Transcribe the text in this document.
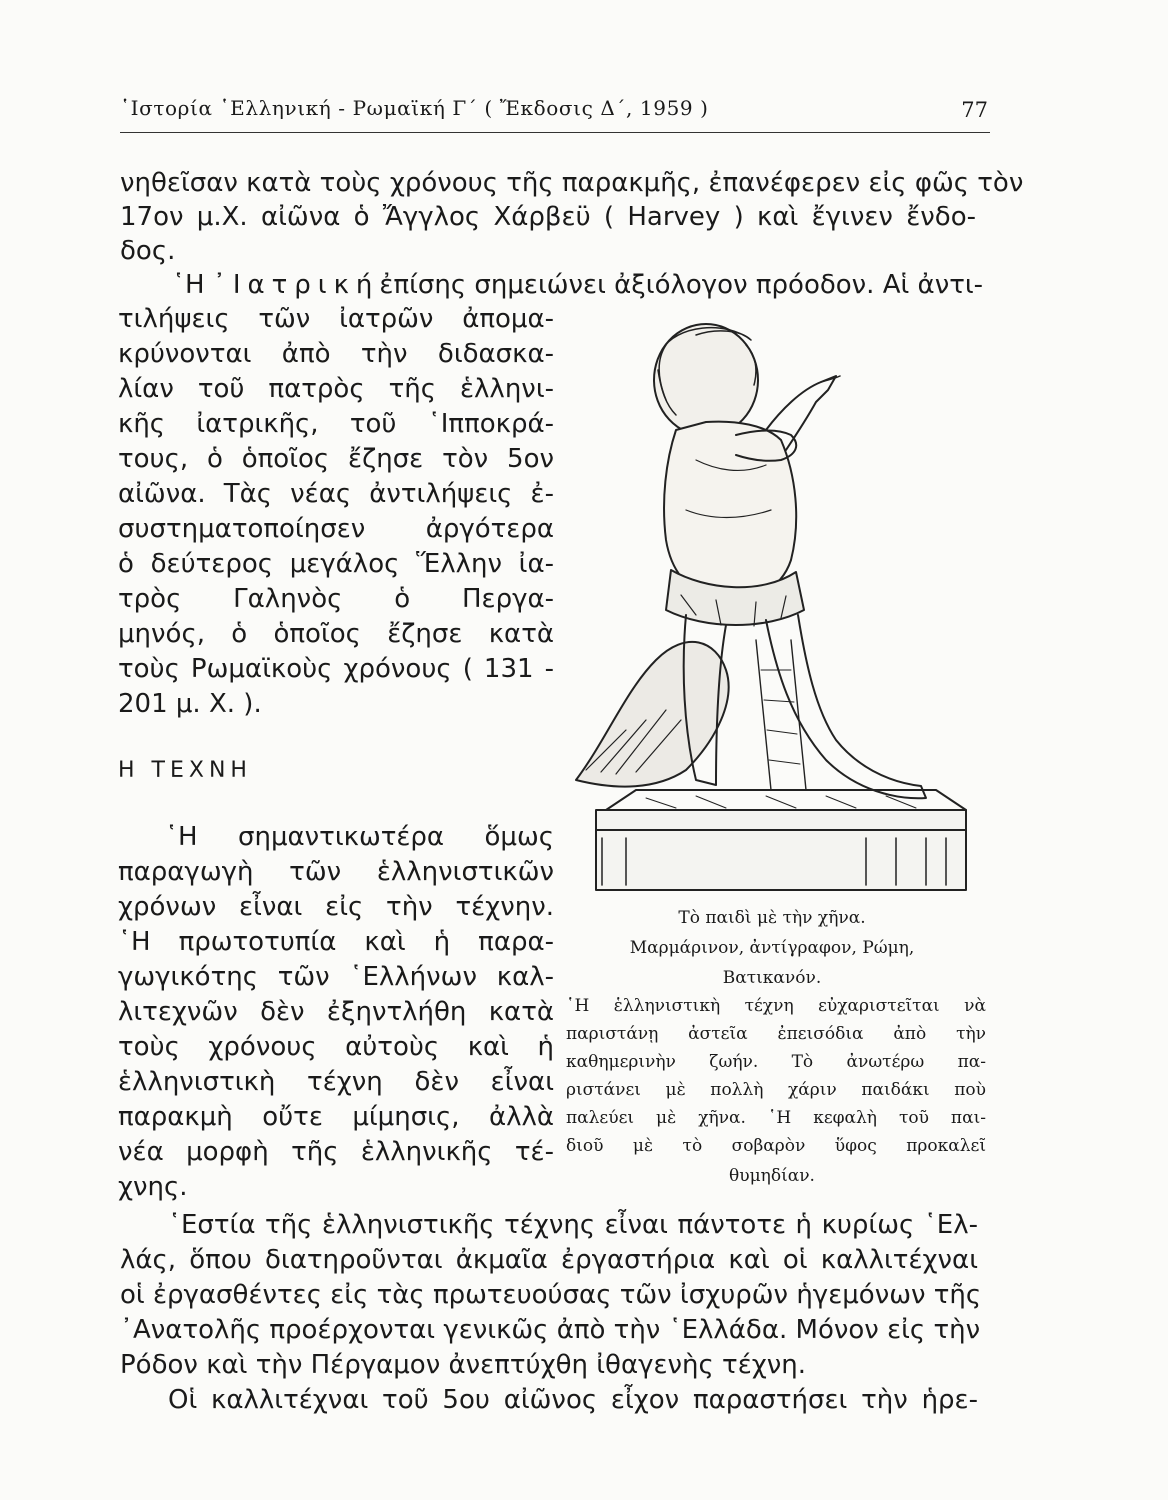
῾Ιστορία ῾Ελληνική - Ρωμαϊκή Γ΄ ( Ἔκδοσις Δ΄, 1959 )	77
νηθεῖσαν κατὰ τοὺς χρόνους τῆς παρακμῆς, ἐπανέφερεν εἰς φῶς τὸν
17ον μ.Χ. αἰῶνα ὁ Ἄγγλος Χάρβεϋ ( Harvey ) καὶ ἔγινεν ἔνδο-
δος.
῾Η ᾿Ιατρική ἐπίσης σημειώνει ἀξιόλογον πρόοδον. Αἱ ἀντι-
τιλήψεις τῶν ἰατρῶν ἀπομα-
κρύνονται ἀπὸ τὴν διδασκα-
λίαν τοῦ πατρὸς τῆς ἑλληνι-
κῆς ἰατρικῆς, τοῦ ῾Ιπποκρά-
τους, ὁ ὁποῖος ἔζησε τὸν 5ον
αἰῶνα. Τὰς νέας ἀντιλήψεις ἐ-
συστηματοποίησεν ἀργότερα
ὁ δεύτερος μεγάλος Ἕλλην ἰα-
τρὸς Γαληνὸς ὁ Περγα-
μηνός, ὁ ὁποῖος ἔζησε κατὰ
τοὺς Ρωμαϊκοὺς χρόνους ( 131 -
201 μ. Χ. ).
Η ΤΕΧΝΗ
῾Η σημαντικωτέρα ὅμως
παραγωγὴ τῶν ἑλληνιστικῶν
χρόνων εἶναι εἰς τὴν τέχνην.
῾Η πρωτοτυπία καὶ ἡ παρα-
γωγικότης τῶν ῾Ελλήνων καλ-
λιτεχνῶν δὲν ἐξηντλήθη κατὰ
τοὺς χρόνους αὐτοὺς καὶ ἡ
ἑλληνιστικὴ τέχνη δὲν εἶναι
παρακμὴ οὔτε μίμησις, ἀλλὰ
νέα μορφὴ τῆς ἑλληνικῆς τέ-
χνης.
Τὸ παιδὶ μὲ τὴν χῆνα.
Μαρμάρινον, ἀντίγραφον, Ρώμη,
Βατικανόν.
῾Η ἑλληνιστικὴ τέχνη εὐχαριστεῖται νὰ
παριστάνῃ ἀστεῖα ἐπεισόδια ἀπὸ τὴν
καθημερινὴν ζωήν. Τὸ ἀνωτέρω πα-
ριστάνει μὲ πολλὴ χάριν παιδάκι ποὺ
παλεύει μὲ χῆνα. ῾Η κεφαλὴ τοῦ παι-
διοῦ μὲ τὸ σοβαρὸν ὕφος προκαλεῖ
θυμηδίαν.
῾Εστία τῆς ἑλληνιστικῆς τέχνης εἶναι πάντοτε ἡ κυρίως ῾Ελ-
λάς, ὅπου διατηροῦνται ἀκμαῖα ἐργαστήρια καὶ οἱ καλλιτέχναι
οἱ ἐργασθέντες εἰς τὰς πρωτευούσας τῶν ἰσχυρῶν ἡγεμόνων τῆς
᾿Ανατολῆς προέρχονται γενικῶς ἀπὸ τὴν ῾Ελλάδα. Μόνον εἰς τὴν
Ρόδον καὶ τὴν Πέργαμον ἀνεπτύχθη ἰθαγενὴς τέχνη.
Οἱ καλλιτέχναι τοῦ 5ου αἰῶνος εἶχον παραστήσει τὴν ἡρε-
